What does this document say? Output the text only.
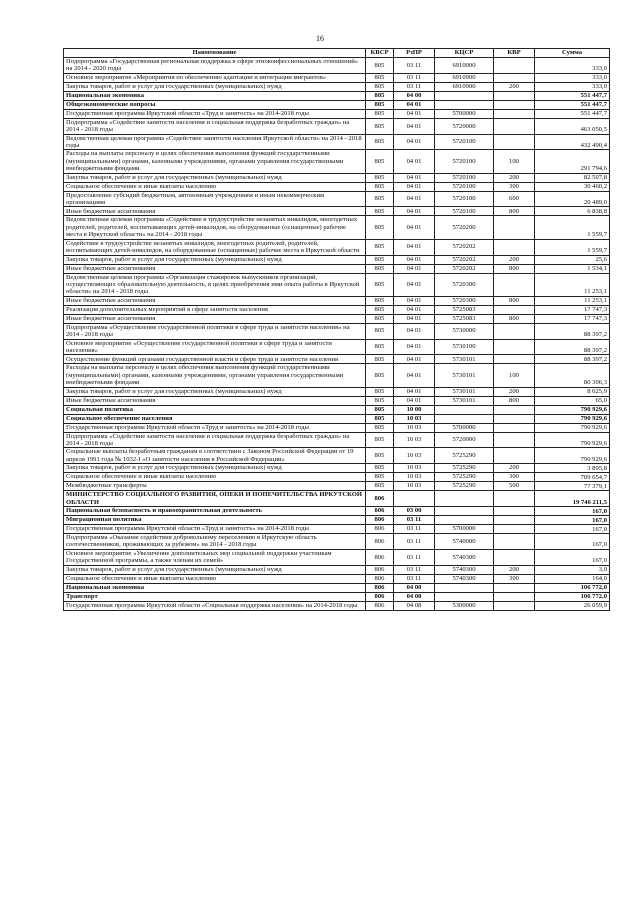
16
Наименование	КВСР	РзПР	КЦСР	КВР	Сумма
Подпрограмма «Государственная региональная поддержка в сфере этноконфессиональных отношений» на 2014 - 2020 годы	805	03 11	6910000		333,0
Основное мероприятие «Мероприятия по обеспечению адаптации и интеграции мигрантов»	805	03 11	6910900		333,0
Закупка товаров, работ и услуг для государственных (муниципальных) нужд	805	03 11	6910900	200	333,0
Национальная экономика	805	04 00			551 447,7
Общеэкономические вопросы	805	04 01			551 447,7
Государственная программа Иркутской области «Труд и занятость» на 2014-2018 годы	805	04 01	5700000		551 447,7
Подпрограмма «Содействие занятости населения и социальная поддержка безработных граждан» на 2014 - 2018 годы	805	04 01	5720000		463 050,5
Ведомственная целевая программа «Содействие занятости населения Иркутской области» на 2014 - 2018 годы	805	04 01	5720100		432 490,4
Расходы на выплаты персоналу в целях обеспечения выполнения функций государственными (муниципальными) органами, казенными учреждениями, органами управления государственными внебюджетными фондами	805	04 01	5720100	100	291 794,6
Закупка товаров, работ и услуг для государственных (муниципальных) нужд	805	04 01	5720100	200	82 507,8
Социальное обеспечение и иные выплаты населению	805	04 01	5720100	300	30 460,2
Предоставление субсидий бюджетным, автономным учреждениям и иным некоммерческим организациям	805	04 01	5720100	600	20 489,0
Иные бюджетные ассигнования	805	04 01	5720100	800	6 838,8
Ведомственная целевая программа «Содействие в трудоустройстве незанятых инвалидов, многодетных родителей, родителей, воспитывающих детей-инвалидов, на оборудованные (оснащенные) рабочие места в Иркутской области» на 2014 - 2018 годы	805	04 01	5720200		1 559,7
Содействие в трудоустройстве незанятых инвалидов, многодетных родителей, родителей, воспитывающих детей-инвалидов, на оборудованные (оснащенные) рабочие места в Иркутской области	805	04 01	5720202		1 559,7
Закупка товаров, работ и услуг для государственных (муниципальных) нужд	805	04 01	5720202	200	25,6
Иные бюджетные ассигнования	805	04 01	5720202	800	1 534,1
Ведомственная целевая программа «Организация стажировок выпускников организаций, осуществляющих образовательную деятельность, в целях приобретения ими опыта работы в Иркутской области» на 2014 - 2018 годы	805	04 01	5720300		11 253,1
Иные бюджетные ассигнования	805	04 01	5720300	800	11 253,1
Реализация дополнительных мероприятий в сфере занятости населения	805	04 01	5725083		17 747,3
Иные бюджетные ассигнования	805	04 01	5725083	800	17 747,3
Подпрограмма «Осуществление государственной политики в сфере труда и занятости населения» на 2014 - 2018 годы	805	04 01	5730000		88 397,2
Основное мероприятие «Осуществление государственной политики в сфере труда и занятости населения»	805	04 01	5730100		88 397,2
Осуществление функций органами государственной власти в сфере труда и занятости населения	805	04 01	5730101		88 397,2
Расходы на выплаты персоналу в целях обеспечения выполнения функций государственными (муниципальными) органами, казенными учреждениями, органами управления государственными внебюджетными фондами	805	04 01	5730101	100	80 306,3
Закупка товаров, работ и услуг для государственных (муниципальных) нужд	805	04 01	5730101	200	8 025,9
Иные бюджетные ассигнования	805	04 01	5730101	800	65,0
Социальная политика	805	10 00			790 929,6
Социальное обеспечение населения	805	10 03			790 929,6
Государственная программа Иркутской области «Труд и занятость» на 2014-2018 годы	805	10 03	5700000		790 929,6
Подпрограмма «Содействие занятости населения и социальная поддержка безработных граждан» на 2014 - 2018 годы	805	10 03	5720000		790 929,6
Социальные выплаты безработным гражданам в соответствии с Законом Российской Федерации от 19 апреля 1991 года № 1032-I «О занятости населения в Российской Федерации»	805	10 03	5725290		790 929,6
Закупка товаров, работ и услуг для государственных (муниципальных) нужд	805	10 03	5725290	200	3 895,8
Социальное обеспечение и иные выплаты населению	805	10 03	5725290	300	709 654,7
Межбюджетные трансферты	805	10 03	5725290	500	77 379,1
МИНИСТЕРСТВО СОЦИАЛЬНОГО РАЗВИТИЯ, ОПЕКИ И ПОПЕЧИТЕЛЬСТВА ИРКУТСКОЙ ОБЛАСТИ	806				19 746 211,5
Национальная безопасность и правоохранительная деятельность	806	03 00			167,0
Миграционная политика	806	03 11			167,0
Государственная программа Иркутской области «Труд и занятость» на 2014-2018 годы	806	03 11	5700000		167,0
Подпрограмма «Оказание содействия добровольному переселению в Иркутскую область соотечественников, проживающих за рубежом» на 2014 - 2018 годы	806	03 11	5740000		167,0
Основное мероприятие «Увеличение дополнительных мер социальной поддержки участникам Государственной программы, а также членам их семей»	806	03 11	5740300		167,0
Закупка товаров, работ и услуг для государственных (муниципальных) нужд	806	03 11	5740300	200	3,0
Социальное обеспечение и иные выплаты населению	806	03 11	5740300	300	164,0
Национальная экономика	806	04 00			106 772,0
Транспорт	806	04 08			106 772,0
Государственная программа Иркутской области «Социальная поддержка населения» на 2014-2018 годы	806	04 08	5300000		26 059,9
